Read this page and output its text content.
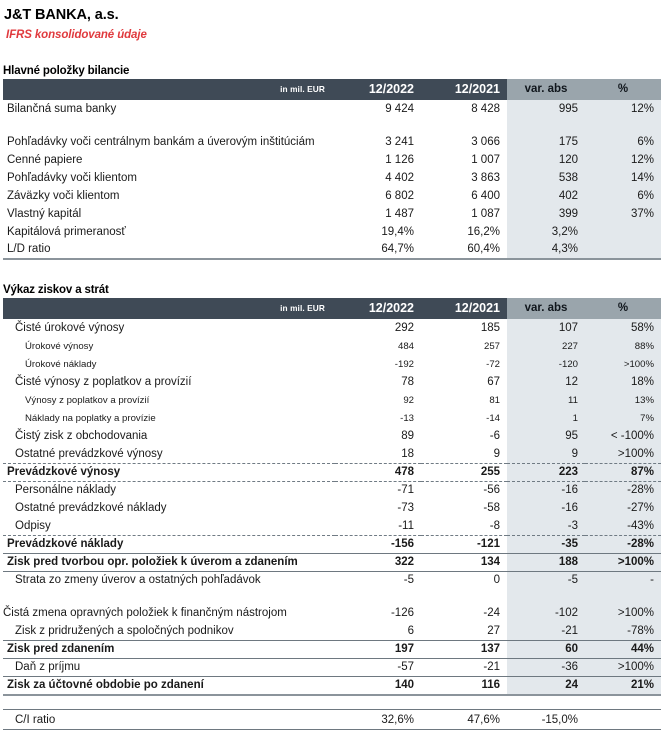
J&T BANKA, a.s.
IFRS konsolidované údaje
Hlavné položky bilancie
in mil. EUR	12/2022	12/2021	var. abs	%
Bilančná suma banky	9 424	8 428	995	12%
Pohľadávky voči centrálnym bankám a úverovým inštitúciám	3 241	3 066	175	6%
Cenné papiere	1 126	1 007	120	12%
Pohľadávky voči klientom	4 402	3 863	538	14%
Záväzky voči klientom	6 802	6 400	402	6%
Vlastný kapitál	1 487	1 087	399	37%
Kapitálová primeranosť	19,4%	16,2%	3,2%	
L/D ratio	64,7%	60,4%	4,3%	
Výkaz ziskov a strát
in mil. EUR	12/2022	12/2021	var. abs	%
Čisté úrokové výnosy	292	185	107	58%
Úrokové výnosy	484	257	227	88%
Úrokové náklady	-192	-72	-120	>100%
Čisté výnosy z poplatkov a provízií	78	67	12	18%
Výnosy z poplatkov a provízií	92	81	11	13%
Náklady na poplatky a provízie	-13	-14	1	7%
Čistý zisk z obchodovania	89	-6	95	< -100%
Ostatné prevádzkové výnosy	18	9	9	>100%
Prevádzkové výnosy	478	255	223	87%
Personálne náklady	-71	-56	-16	-28%
Ostatné prevádzkové náklady	-73	-58	-16	-27%
Odpisy	-11	-8	-3	-43%
Prevádzkové náklady	-156	-121	-35	-28%
Zisk pred tvorbou opr. položiek k úverom a zdanením	322	134	188	>100%
Strata zo zmeny úverov a ostatných pohľadávok	-5	0	-5	-
Čistá zmena opravných položiek k finančným nástrojom	-126	-24	-102	>100%
Zisk z pridružených a spoločných podnikov	6	27	-21	-78%
Zisk pred zdanením	197	137	60	44%
Daň z príjmu	-57	-21	-36	>100%
Zisk za účtovné obdobie po zdanení	140	116	24	21%
C/I ratio	32,6%	47,6%	-15,0%	
